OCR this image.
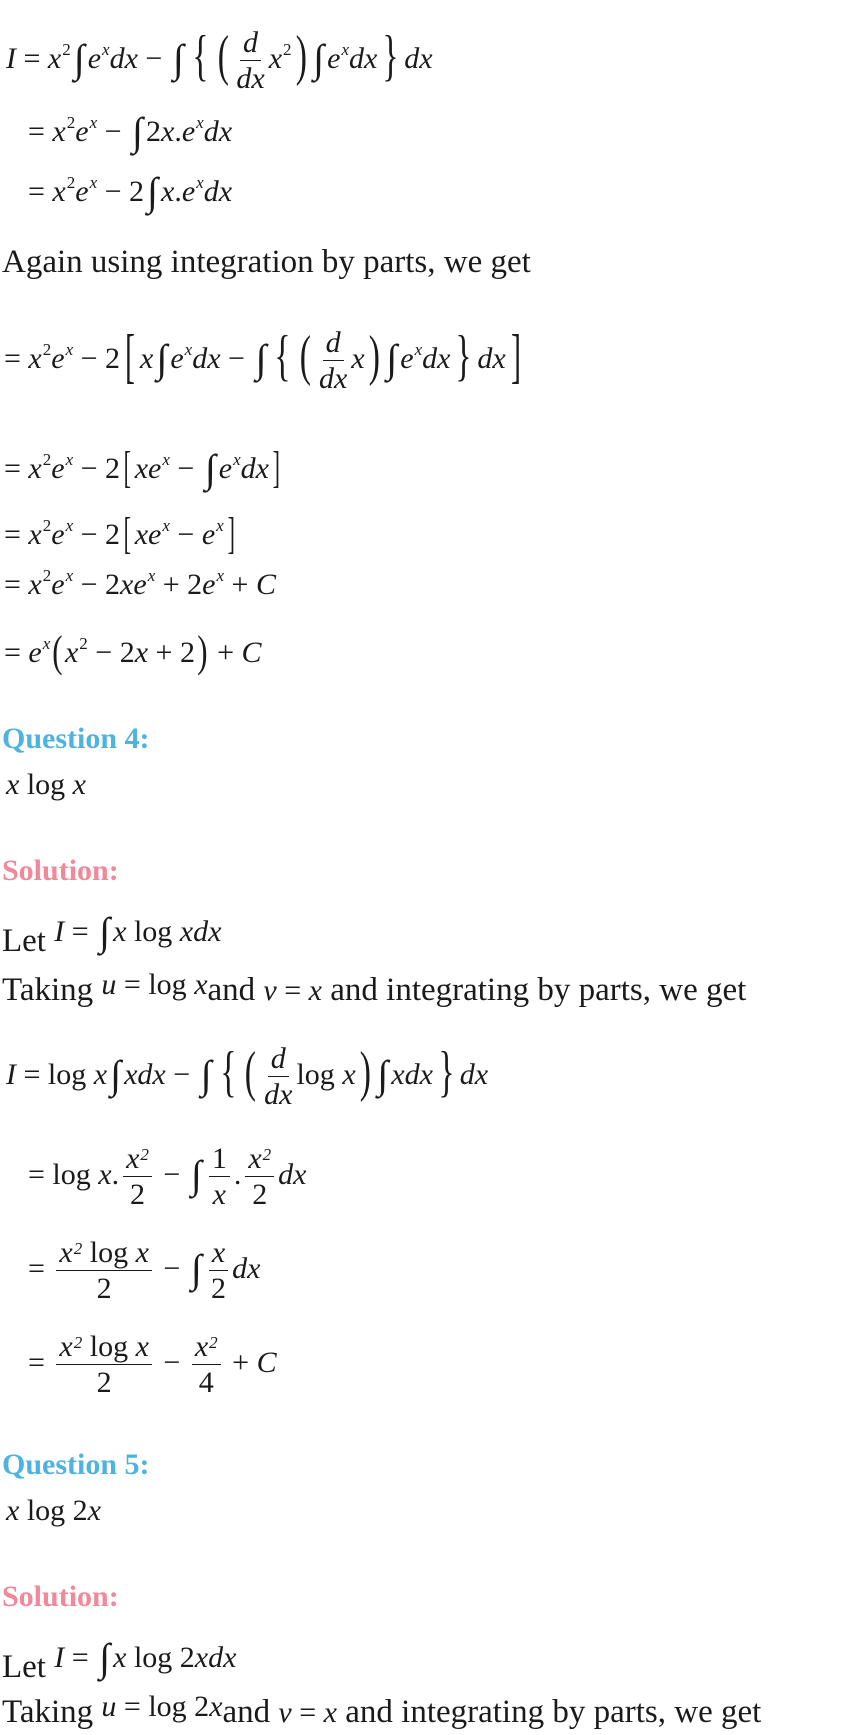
$I = x^2\int$ $e^xdx$ − ∫ { ( $\frac{d}{dx} x^2$) ∫ $e^xdx$} dx
= $x^2e^x$ − ∫ $2x.e^xdx$
= $x^2e^x - 2\int$ $x.e^xdx$
Again using integration by parts, we get
= $x^2e^x - 2$[ x∫ $e^xdx$ − ∫ { ( $\frac{d}{dx} x$) ∫ $e^xdx$} dx]
= $x^2e^x - 2$[ $xe^x$ − ∫ $e^xdx$]
= $x^2e^x - 2$[ $xe^x - e^x$]
= $x^2e^x - 2xe^x + 2e^x + C$
= $e^x(x^2 - 2x + 2) + C$
Question 4:
x log x
Solution:
Let I = ∫ x log xdx
Taking u = log xand v = x and integrating by parts, we get
I = log x∫ xdx − ∫ { ( $\frac{d}{dx}$ log x) ∫ xdx} dx
= log x. $\frac{x^2}{2}$ − ∫ $\frac{1}{x}$ . $\frac{x^2}{2}$ dx
= $\frac{x^2 \log x}{2}$ − ∫ $\frac{x}{2}$ dx
= $\frac{x^2 \log x}{2} - \frac{x^2}{4} + C$
Question 5:
x log 2x
Solution:
Let I = ∫ x log 2xdx
Taking u = log 2xand v = x and integrating by parts, we get
